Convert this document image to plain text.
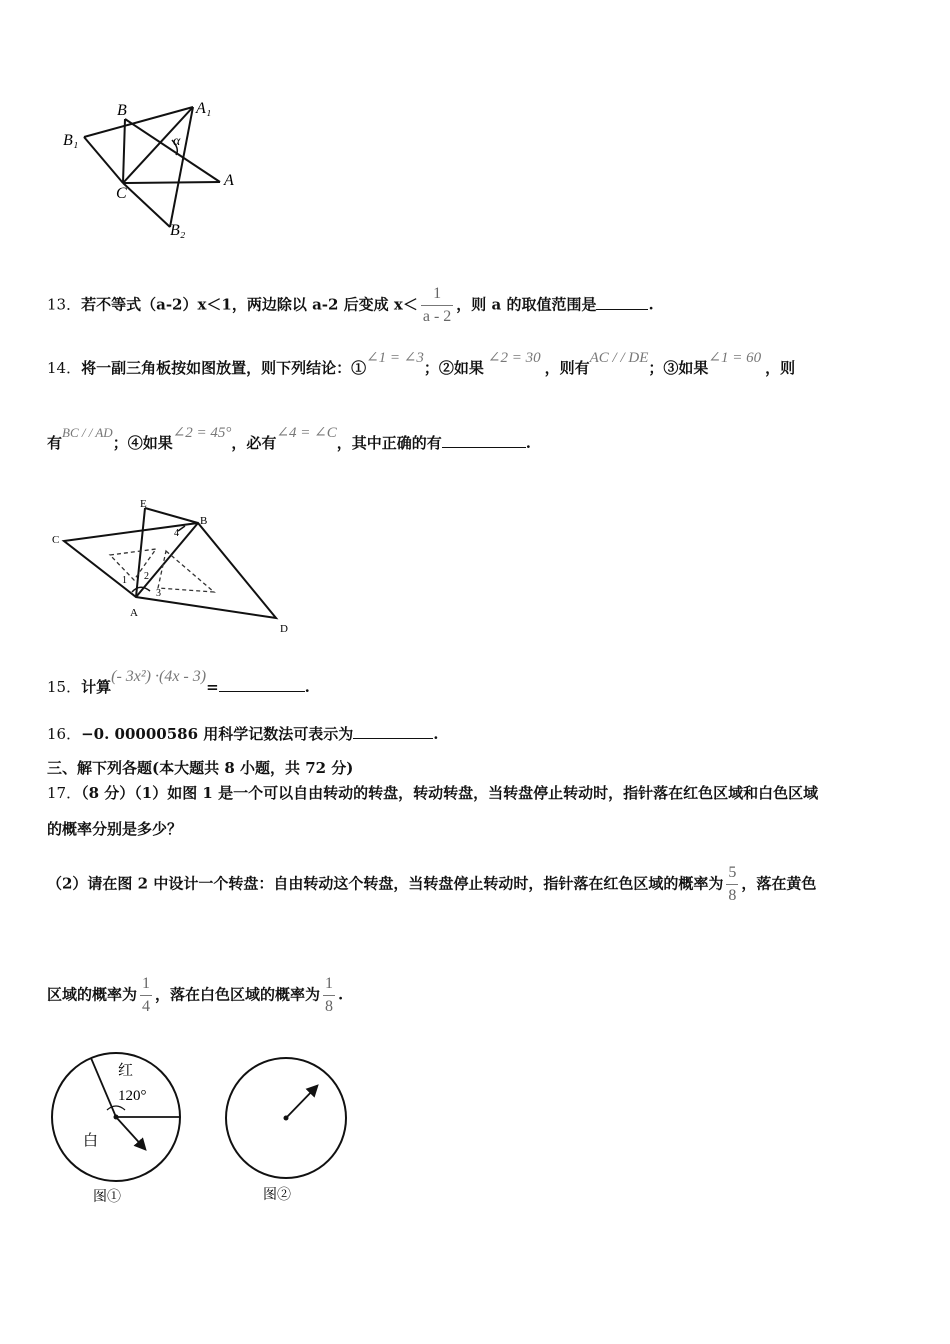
B	A₁
B₁	α
A
C
B₂
13．若不等式（a-2）x＜1，两边除以 a-2 后变成 $x< \frac{1}{a - 2}$ ，则 a 的取值范围是	.
14．将一副三角板按如图放置，则下列结论：①∠1 = ∠3；②如果∠2 = 30，则有AC / / DE；③如果∠1 = 60，则
有BC / / AD；④如果∠2 = 45°，必有∠4 = ∠C，其中正确的有	.
E
B
C
4
1 2
3
A
D
15．计算(- 3x²) ·(4x - 3)=	.
16．−0. 00000586 用科学记数法可表示为	.
三、解下列各题(本大题共 8 小题，共 72 分)
17．（8 分）（1）如图 1 是一个可以自由转动的转盘，转动转盘，当转盘停止转动时，指针落在红色区域和白色区域
的概率分别是多少？
（2）请在图 2 中设计一个转盘：自由转动这个转盘，当转盘停止转动时，指针落在红色区域的概率为 $\frac{5}{8}$ ，落在黄色
区域的概率为 $\frac{1}{4}$ ，落在白色区域的概率为 $\frac{1}{8}$ .
红
120°
白
图①	图②
